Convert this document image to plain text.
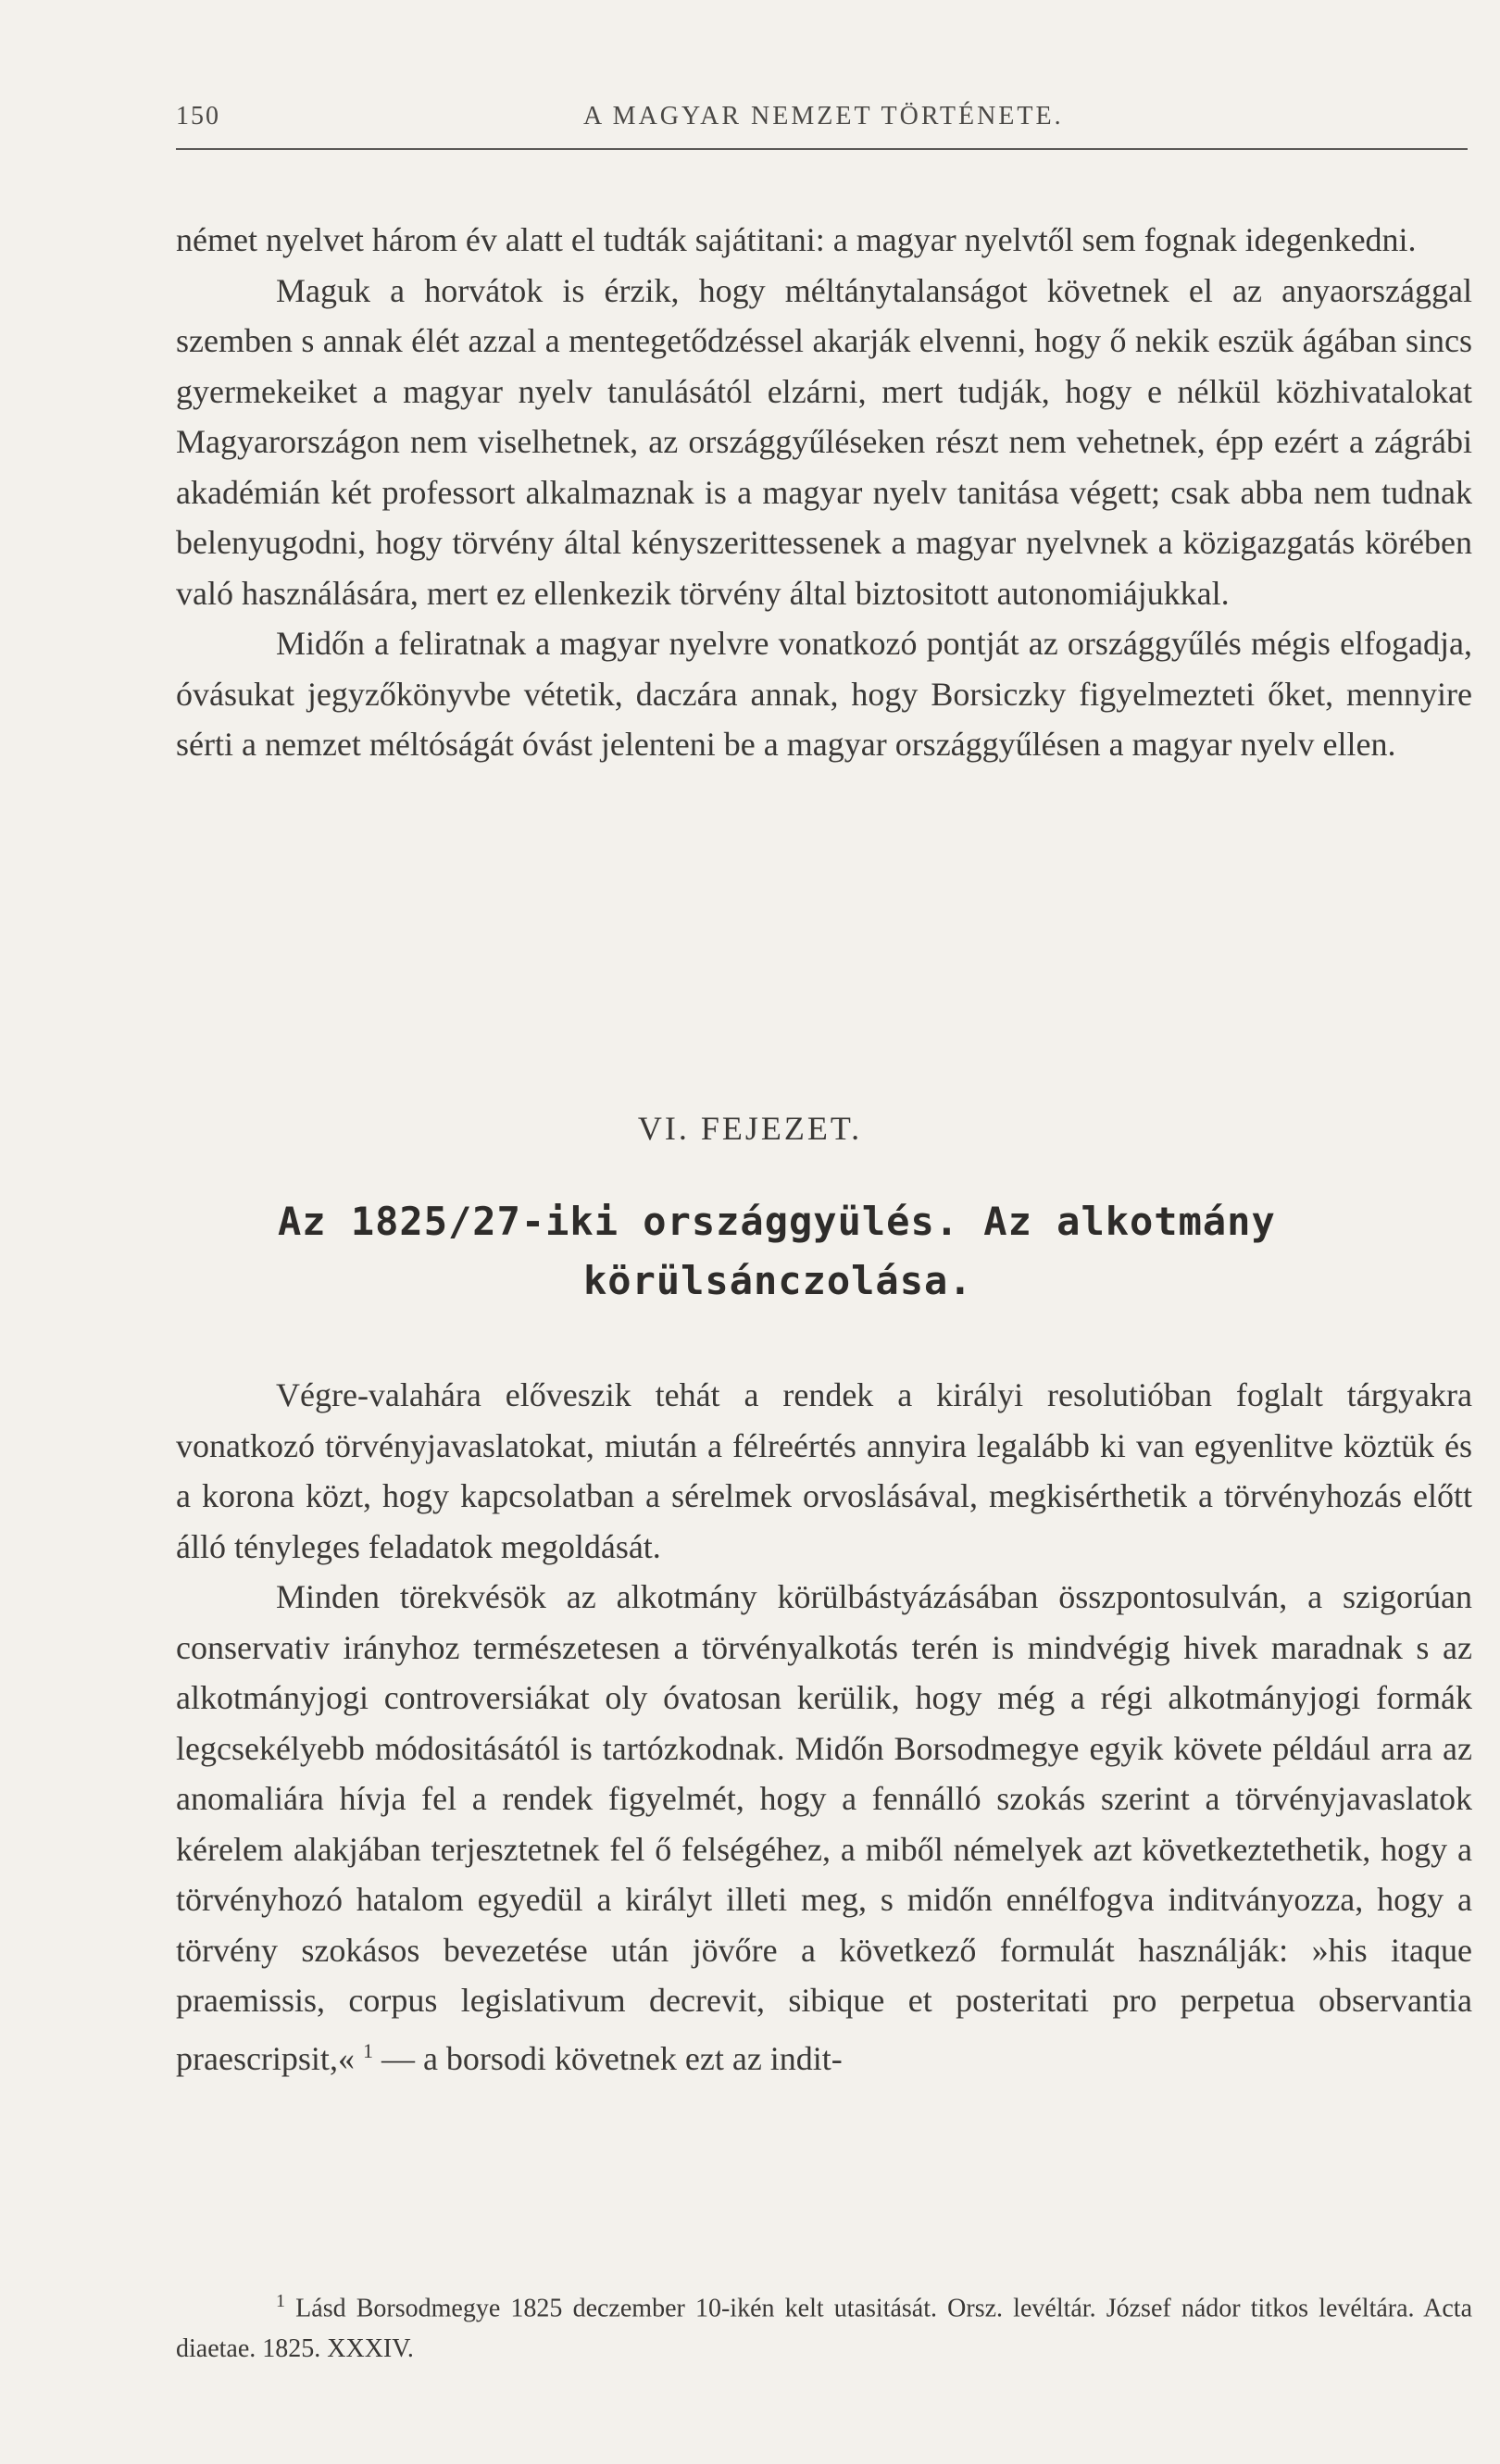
150	A MAGYAR NEMZET TÖRTÉNETE.

német nyelvet három év alatt el tudták sajátitani: a magyar nyelvtől sem fognak idegenkedni.

Maguk a horvátok is érzik, hogy méltánytalanságot követnek el az anyaországgal szemben s annak élét azzal a mentegetődzéssel akarják elvenni, hogy ő nekik eszük ágában sincs gyermekeiket a magyar nyelv tanulásától elzárni, mert tudják, hogy e nélkül közhivatalokat Magyarországon nem viselhetnek, az országgyűléseken részt nem vehetnek, épp ezért a zágrábi akadémián két professort alkalmaznak is a magyar nyelv tanitása végett; csak abba nem tudnak belenyugodni, hogy törvény által kényszerittessenek a magyar nyelvnek a közigazgatás körében való használására, mert ez ellenkezik törvény által biztositott autonomiájukkal.

Midőn a feliratnak a magyar nyelvre vonatkozó pontját az országgyűlés mégis elfogadja, óvásukat jegyzőkönyvbe vétetik, daczára annak, hogy Borsiczky figyelmezteti őket, mennyire sérti a nemzet méltóságát óvást jelenteni be a magyar országgyűlésen a magyar nyelv ellen.

VI. FEJEZET.
Az 1825/27-iki országgyülés. Az alkotmány
körülsánczolása.

Végre-valahára előveszik tehát a rendek a királyi resolutióban foglalt tárgyakra vonatkozó törvényjavaslatokat, miután a félreértés annyira legalább ki van egyenlitve köztük és a korona közt, hogy kapcsolatban a sérelmek orvoslásával, megkisérthetik a törvényhozás előtt álló tényleges feladatok megoldását.

Minden törekvésök az alkotmány körülbástyázásában összpontosulván, a szigorúan conservativ irányhoz természetesen a törvényalkotás terén is mindvégig hivek maradnak s az alkotmányjogi controversiákat oly óvatosan kerülik, hogy még a régi alkotmányjogi formák legcsekélyebb módositásától is tartózkodnak. Midőn Borsodmegye egyik követe például arra az anomaliára hívja fel a rendek figyelmét, hogy a fennálló szokás szerint a törvényjavaslatok kérelem alakjában terjesztetnek fel ő felségéhez, a miből némelyek azt következtethetik, hogy a törvényhozó hatalom egyedül a királyt illeti meg, s midőn ennélfogva inditványozza, hogy a törvény szokásos bevezetése után jövőre a következő formulát használják: »his itaque praemissis, corpus legislativum decrevit, sibique et posteritati pro perpetua observantia praescripsit,« $^1$ — a borsodi követnek ezt az indit-

$^1$ Lásd Borsodmegye 1825 deczember 10-ikén kelt utasitását. Orsz. levéltár. József nádor titkos levéltára. Acta diaetae. 1825. XXXIV.
